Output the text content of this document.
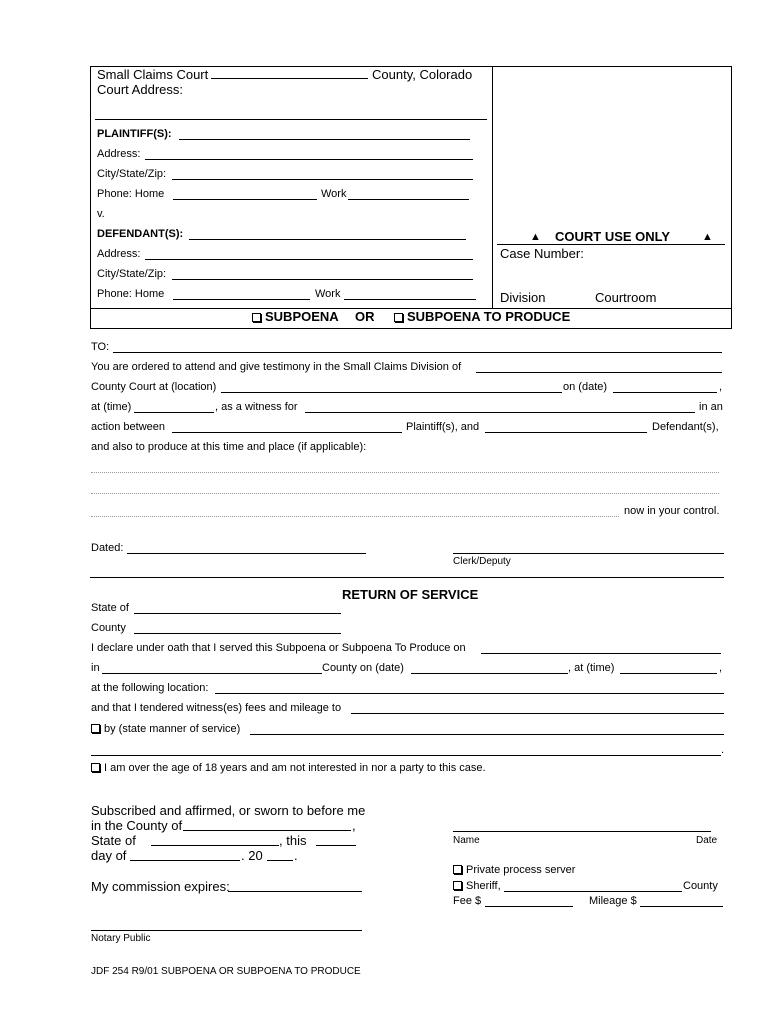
Small Claims Court	County, Colorado
Court Address:
PLAINTIFF(S):
Address:
City/State/Zip:
Phone: Home	Work
v.
DEFENDANT(S):
Address:
City/State/Zip:
Phone: Home	Work
▲ COURT USE ONLY	▲
Case Number:
Division	Courtroom
SUBPOENA OR	SUBPOENA TO PRODUCE
TO:
You are ordered to attend and give testimony in the Small Claims Division of
County Court at (location)	on (date)	,
at (time)	, as a witness for	in an
action between	Plaintiff(s), and	Defendant(s),
and also to produce at this time and place (if applicable):
now in your control.
Dated:
Clerk/Deputy
RETURN OF SERVICE
State of
County
I declare under oath that I served this Subpoena or Subpoena To Produce on
in	County on (date)	, at (time)	,
at the following location:
and that I tendered witness(es) fees and mileage to
by (state manner of service)
.
I am over the age of 18 years and am not interested in nor a party to this case.
Subscribed and affirmed, or sworn to before me
in the County of	,
State of	, this
day of	. 20 .
My commission expires:
Notary Public
Name	Date
Private process server
Sheriff,	County
Fee $	Mileage $
JDF 254 R9/01 SUBPOENA OR SUBPOENA TO PRODUCE
